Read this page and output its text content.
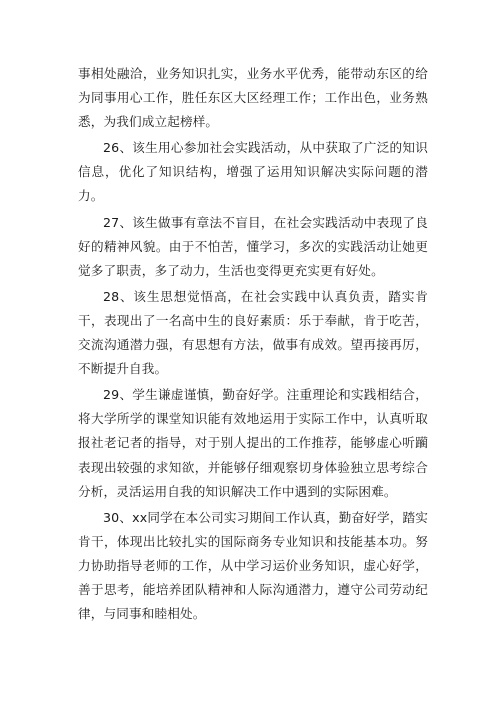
事相处融洽，业务知识扎实，业务水平优秀，能带动东区的给为同事用心工作，胜任东区大区经理工作；工作出色，业务熟悉，为我们成立起榜样。

26、该生用心参加社会实践活动，从中获取了广泛的知识信息，优化了知识结构，增强了运用知识解决实际问题的潜力。

27、该生做事有章法不盲目，在社会实践活动中表现了良好的精神风貌。由于不怕苦，懂学习，多次的实践活动让她更觉多了职责，多了动力，生活也变得更充实更有好处。

28、该生思想觉悟高，在社会实践中认真负责，踏实肯干，表现出了一名高中生的良好素质：乐于奉献，肯于吃苦，交流沟通潜力强，有思想有方法，做事有成效。望再接再厉，不断提升自我。

29、学生谦虚谨慎，勤奋好学。注重理论和实践相结合，将大学所学的课堂知识能有效地运用于实际工作中，认真听取报社老记者的指导，对于别人提出的工作推荐，能够虚心听躏表现出较强的求知欲，并能够仔细观察切身体验独立思考综合分析，灵活运用自我的知识解决工作中遇到的实际困难。

30、xx同学在本公司实习期间工作认真，勤奋好学，踏实肯干，体现出比较扎实的国际商务专业知识和技能基本功。努力协助指导老师的工作，从中学习运价业务知识，虚心好学，善于思考，能培养团队精神和人际沟通潜力，遵守公司劳动纪律，与同事和睦相处。
